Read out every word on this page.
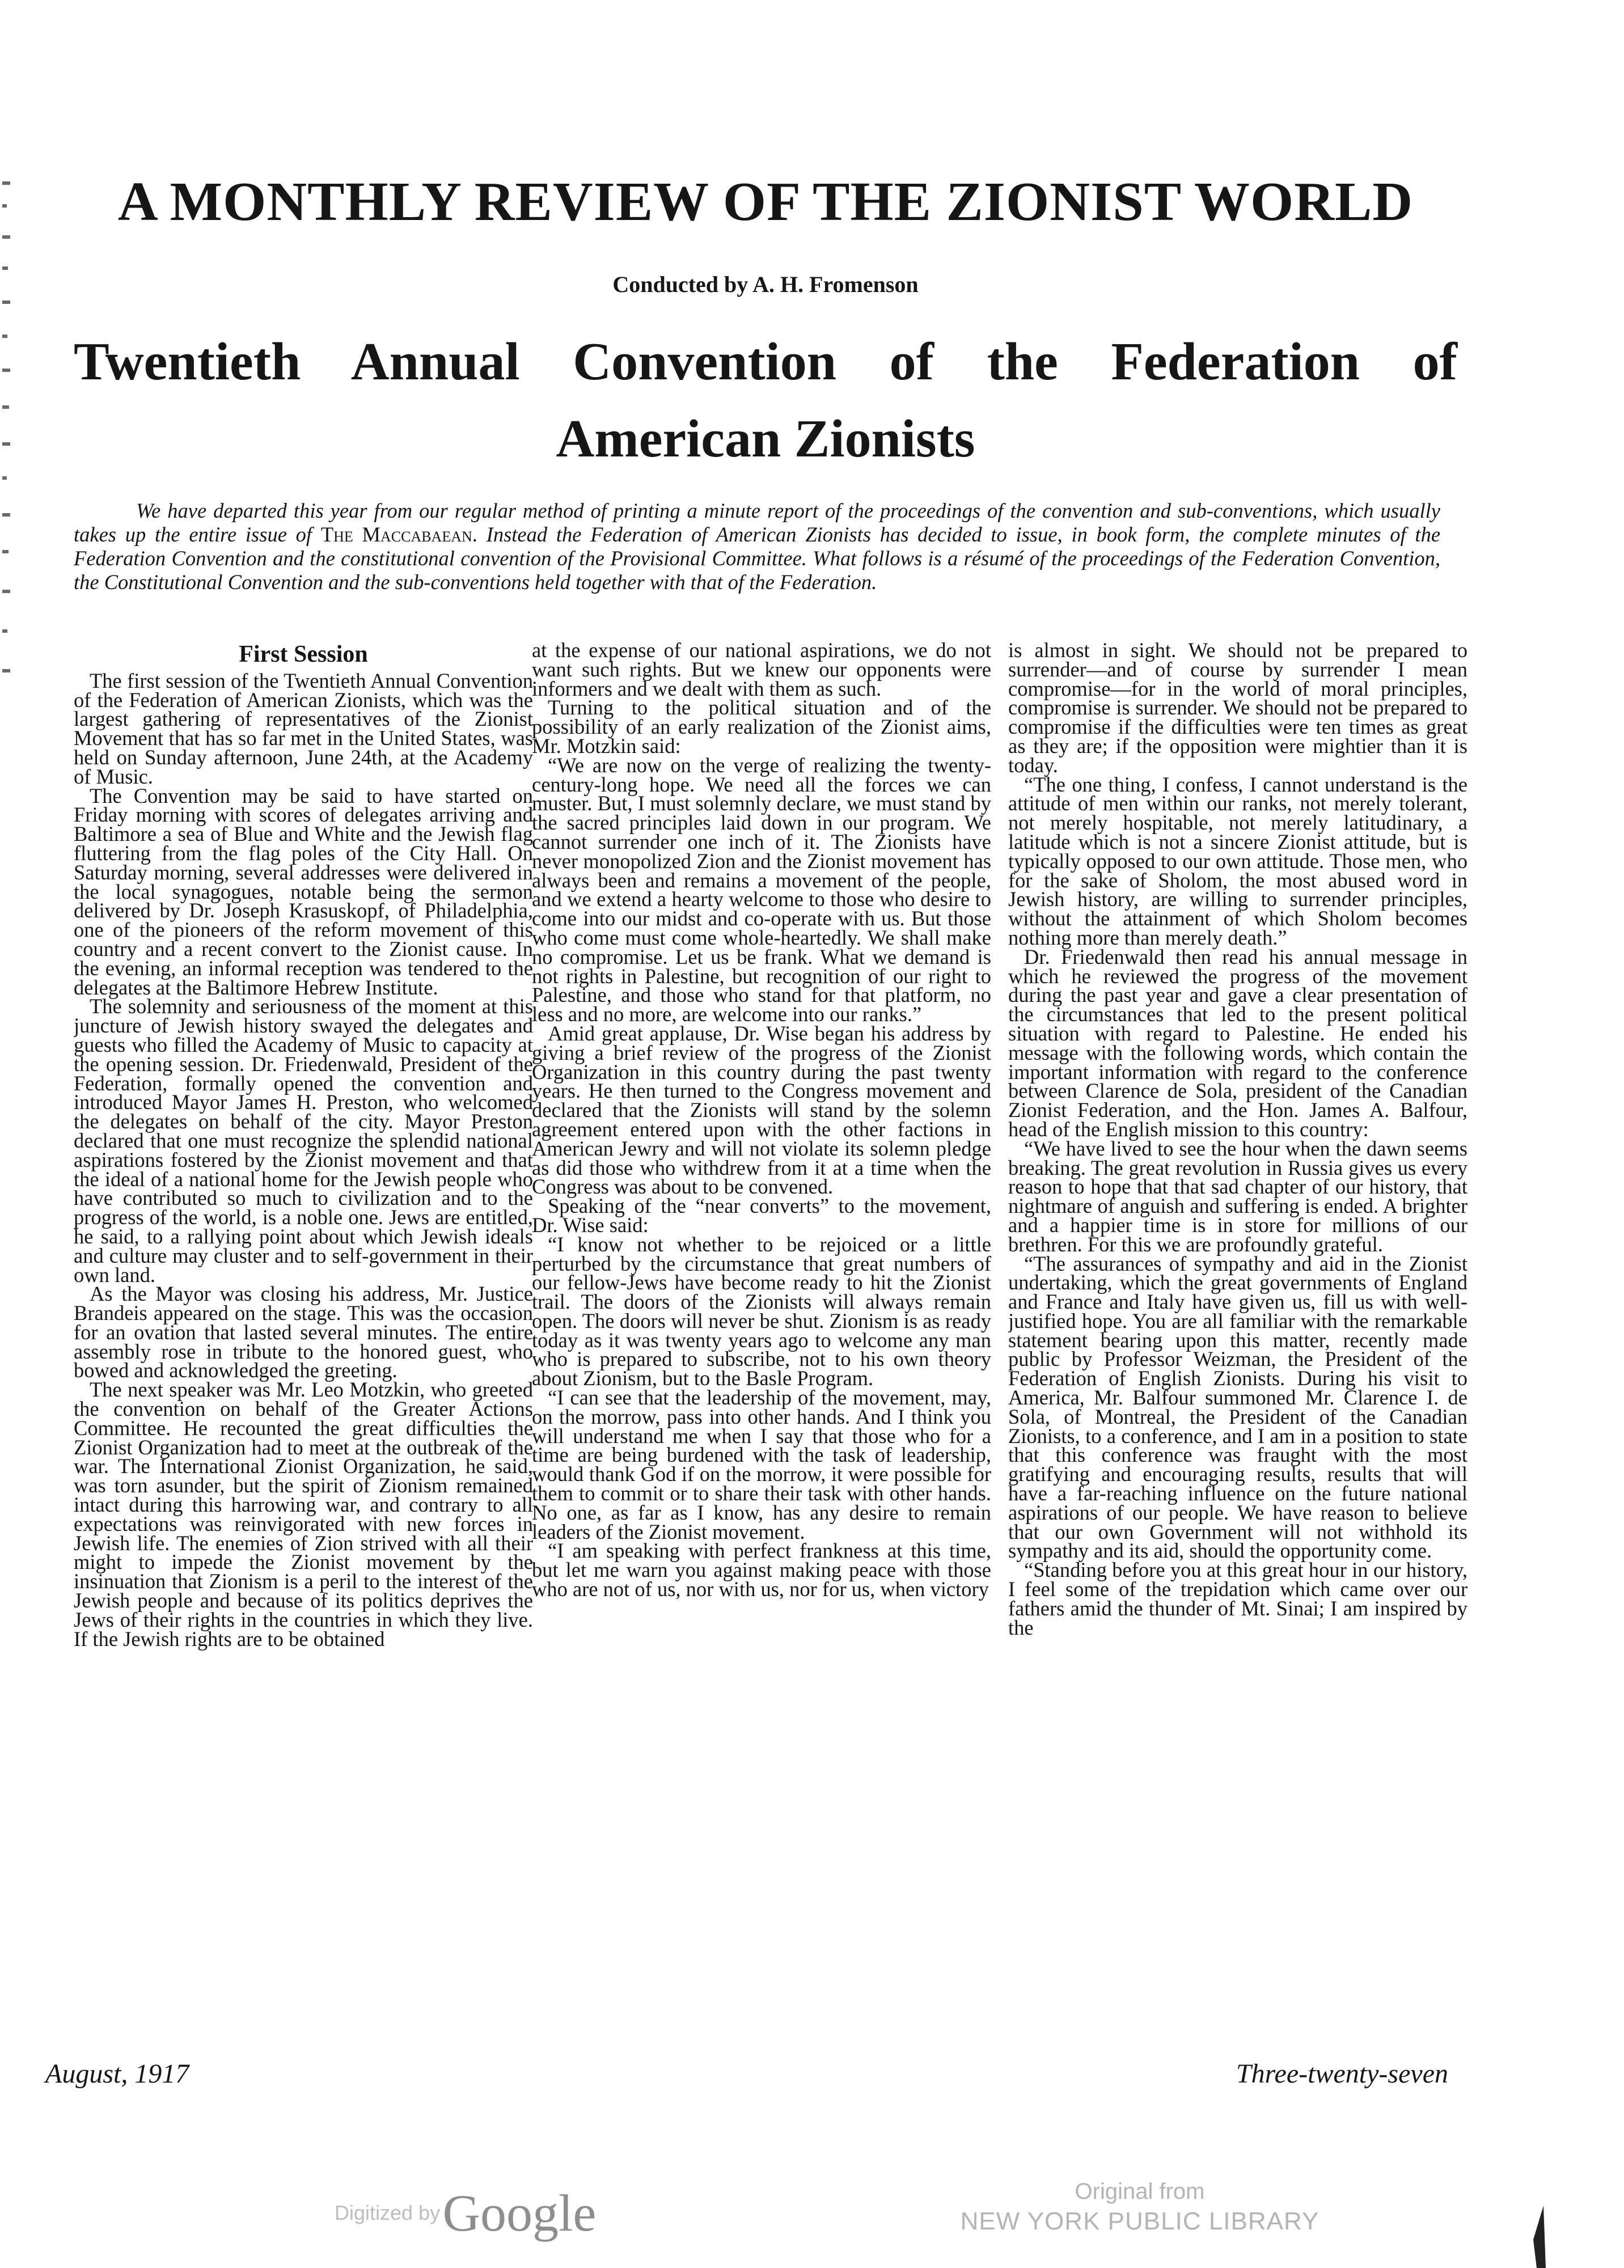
A MONTHLY REVIEW OF THE ZIONIST WORLD
Conducted by A. H. Fromenson
Twentieth Annual Convention of the Federation of
American Zionists
We have departed this year from our regular method of printing a minute report of the proceedings of the convention and sub-conventions, which usually takes up the entire issue of The Maccabaean. Instead the Federation of American Zionists has decided to issue, in book form, the complete minutes of the Federation Convention and the constitutional convention of the Provisional Committee. What follows is a résumé of the proceedings of the Federation Convention, the Constitutional Convention and the sub-conventions held together with that of the Federation.
First Session

The first session of the Twentieth Annual Convention of the Federation of American Zionists, which was the largest gathering of representatives of the Zionist Movement that has so far met in the United States, was held on Sunday afternoon, June 24th, at the Academy of Music.

The Convention may be said to have started on Friday morning with scores of delegates arriving and Baltimore a sea of Blue and White and the Jewish flag fluttering from the flag poles of the City Hall. On Saturday morning, several addresses were delivered in the local synagogues, notable being the sermon delivered by Dr. Joseph Krasuskopf, of Philadelphia, one of the pioneers of the reform movement of this country and a recent convert to the Zionist cause. In the evening, an informal reception was tendered to the delegates at the Baltimore Hebrew Institute.

The solemnity and seriousness of the moment at this juncture of Jewish history swayed the delegates and guests who filled the Academy of Music to capacity at the opening session. Dr. Friedenwald, President of the Federation, formally opened the convention and introduced Mayor James H. Preston, who welcomed the delegates on behalf of the city. Mayor Preston declared that one must recognize the splendid national aspirations fostered by the Zionist movement and that the ideal of a national home for the Jewish people who have contributed so much to civilization and to the progress of the world, is a noble one. Jews are entitled, he said, to a rallying point about which Jewish ideals and culture may cluster and to self-government in their own land.

As the Mayor was closing his address, Mr. Justice Brandeis appeared on the stage. This was the occasion for an ovation that lasted several minutes. The entire assembly rose in tribute to the honored guest, who bowed and acknowledged the greeting.

The next speaker was Mr. Leo Motzkin, who greeted the convention on behalf of the Greater Actions Committee. He recounted the great difficulties the Zionist Organization had to meet at the outbreak of the war. The International Zionist Organization, he said, was torn asunder, but the spirit of Zionism remained intact during this harrowing war, and contrary to all expectations was reinvigorated with new forces in Jewish life. The enemies of Zion strived with all their might to impede the Zionist movement by the insinuation that Zionism is a peril to the interest of the Jewish people and because of its politics deprives the Jews of their rights in the countries in which they live. If the Jewish rights are to be obtained

at the expense of our national aspirations, we do not want such rights. But we knew our opponents were informers and we dealt with them as such.

Turning to the political situation and of the possibility of an early realization of the Zionist aims, Mr. Motzkin said:

“We are now on the verge of realizing the twenty-century-long hope. We need all the forces we can muster. But, I must solemnly declare, we must stand by the sacred principles laid down in our program. We cannot surrender one inch of it. The Zionists have never monopolized Zion and the Zionist movement has always been and remains a movement of the people, and we extend a hearty welcome to those who desire to come into our midst and co-operate with us. But those who come must come whole-heartedly. We shall make no compromise. Let us be frank. What we demand is not rights in Palestine, but recognition of our right to Palestine, and those who stand for that platform, no less and no more, are welcome into our ranks.”

Amid great applause, Dr. Wise began his address by giving a brief review of the progress of the Zionist Organization in this country during the past twenty years. He then turned to the Congress movement and declared that the Zionists will stand by the solemn agreement entered upon with the other factions in American Jewry and will not violate its solemn pledge as did those who withdrew from it at a time when the Congress was about to be convened.

Speaking of the “near converts” to the movement, Dr. Wise said:

“I know not whether to be rejoiced or a little perturbed by the circumstance that great numbers of our fellow-Jews have become ready to hit the Zionist trail. The doors of the Zionists will always remain open. The doors will never be shut. Zionism is as ready today as it was twenty years ago to welcome any man who is prepared to subscribe, not to his own theory about Zionism, but to the Basle Program.

“I can see that the leadership of the movement, may, on the morrow, pass into other hands. And I think you will understand me when I say that those who for a time are being burdened with the task of leadership, would thank God if on the morrow, it were possible for them to commit or to share their task with other hands. No one, as far as I know, has any desire to remain leaders of the Zionist movement.

“I am speaking with perfect frankness at this time, but let me warn you against making peace with those who are not of us, nor with us, nor for us, when victory

is almost in sight. We should not be prepared to surrender—and of course by surrender I mean compromise—for in the world of moral principles, compromise is surrender. We should not be prepared to compromise if the difficulties were ten times as great as they are; if the opposition were mightier than it is today.

“The one thing, I confess, I cannot understand is the attitude of men within our ranks, not merely tolerant, not merely hospitable, not merely latitudinary, a latitude which is not a sincere Zionist attitude, but is typically opposed to our own attitude. Those men, who for the sake of Sholom, the most abused word in Jewish history, are willing to surrender principles, without the attainment of which Sholom becomes nothing more than merely death.”

Dr. Friedenwald then read his annual message in which he reviewed the progress of the movement during the past year and gave a clear presentation of the circumstances that led to the present political situation with regard to Palestine. He ended his message with the following words, which contain the important information with regard to the conference between Clarence de Sola, president of the Canadian Zionist Federation, and the Hon. James A. Balfour, head of the English mission to this country:

“We have lived to see the hour when the dawn seems breaking. The great revolution in Russia gives us every reason to hope that that sad chapter of our history, that nightmare of anguish and suffering is ended. A brighter and a happier time is in store for millions of our brethren. For this we are profoundly grateful.

“The assurances of sympathy and aid in the Zionist undertaking, which the great governments of England and France and Italy have given us, fill us with well-justified hope. You are all familiar with the remarkable statement bearing upon this matter, recently made public by Professor Weizman, the President of the Federation of English Zionists. During his visit to America, Mr. Balfour summoned Mr. Clarence I. de Sola, of Montreal, the President of the Canadian Zionists, to a conference, and I am in a position to state that this conference was fraught with the most gratifying and encouraging results, results that will have a far-reaching influence on the future national aspirations of our people. We have reason to believe that our own Government will not withhold its sympathy and its aid, should the opportunity come.

“Standing before you at this great hour in our history, I feel some of the trepidation which came over our fathers amid the thunder of Mt. Sinai; I am inspired by the

August, 1917	Three-twenty-seven
Digitized by Google	Original from
NEW YORK PUBLIC LIBRARY
